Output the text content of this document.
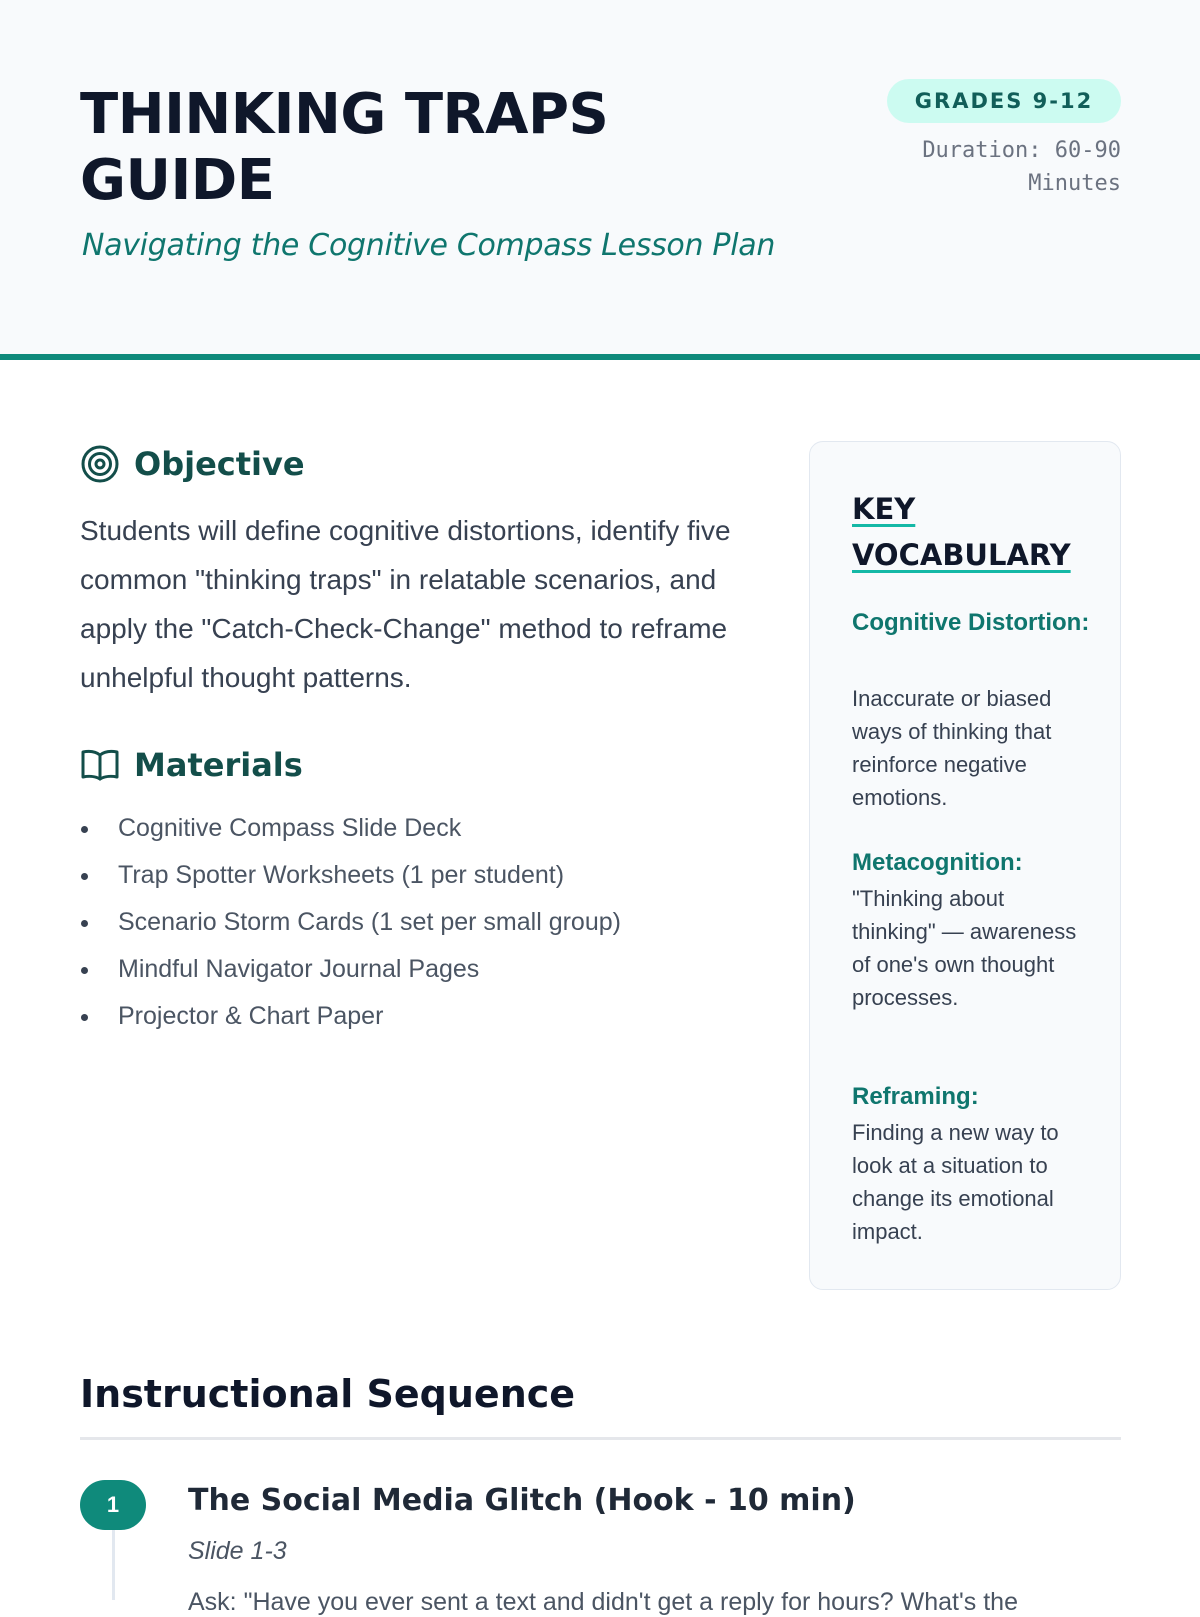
THINKING TRAPS GUIDE
Navigating the Cognitive Compass Lesson Plan
GRADES 9-12
Duration: 60-90 Minutes
Objective
Students will define cognitive distortions, identify five common "thinking traps" in relatable scenarios, and apply the "Catch-Check-Change" method to reframe unhelpful thought patterns.
Materials
Cognitive Compass Slide Deck
Trap Spotter Worksheets (1 per student)
Scenario Storm Cards (1 set per small group)
Mindful Navigator Journal Pages
Projector & Chart Paper
KEY VOCABULARY
Cognitive Distortion:
Inaccurate or biased ways of thinking that reinforce negative emotions.
Metacognition:
"Thinking about thinking" — awareness of one's own thought processes.
Reframing:
Finding a new way to look at a situation to change its emotional impact.
Instructional Sequence
1	The Social Media Glitch (Hook - 10 min)
Slide 1-3
Ask: "Have you ever sent a text and didn't get a reply for hours? What's the
